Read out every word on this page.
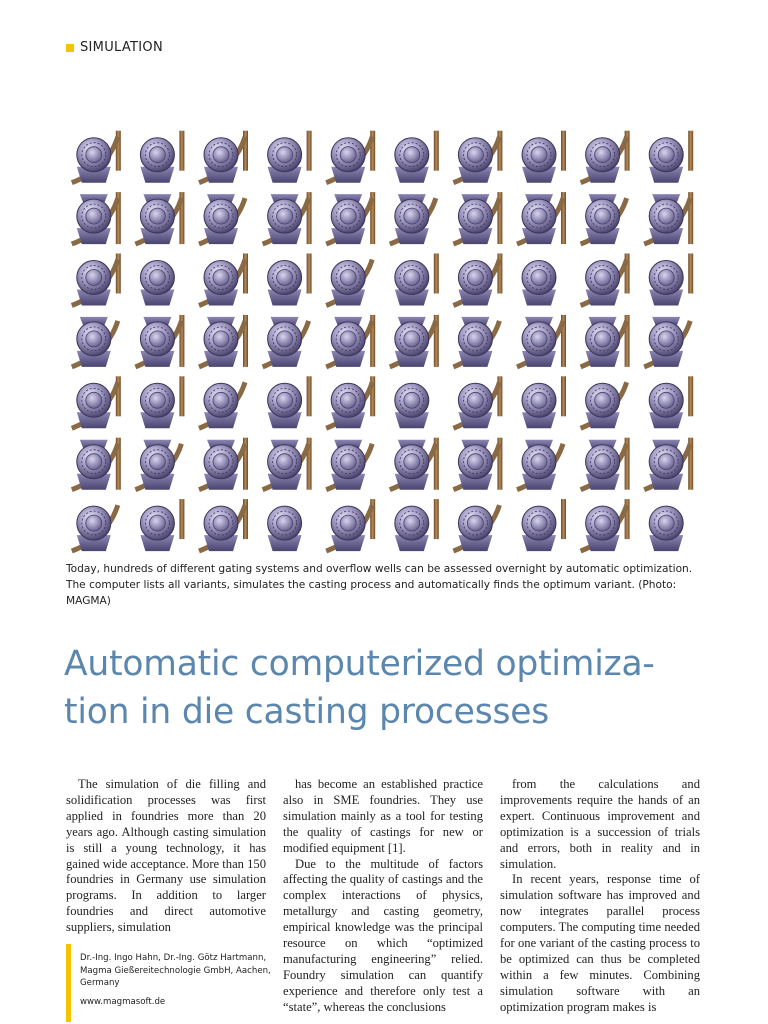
SIMULATION
Today, hundreds of different gating systems and overflow wells can be assessed overnight by automatic optimization. The computer lists all variants, simulates the casting process and automatically finds the optimum variant. (Photo: MAGMA)
Automatic computerized optimiza-
tion in die casting processes

The simulation of die filling and solidification processes was first applied in foundries more than 20 years ago. Although casting simulation is still a young technology, it has gained wide acceptance. More than 150 foundries in Germany use simulation programs. In addition to larger foundries and direct automotive suppliers, simulation

has become an established practice also in SME foundries. They use simulation mainly as a tool for testing the quality of castings for new or modified equipment [1].

Due to the multitude of factors affecting the quality of castings and the complex interactions of physics, metallurgy and casting geometry, empirical knowledge was the principal resource on which “optimized manufacturing engineering” relied. Foundry simulation can quantify experience and therefore only test a “state”, whereas the conclusions

from the calculations and improvements require the hands of an expert. Continuous improvement and optimization is a succession of trials and errors, both in reality and in simulation.

In recent years, response time of simulation software has improved and now integrates parallel process computers. The computing time needed for one variant of the casting process to be optimized can thus be completed within a few minutes. Combining simulation software with an optimization program makes is

Dr.-Ing. Ingo Hahn, Dr.-Ing. Götz Hartmann, Magma Gießereitechnologie GmbH, Aachen, Germany
www.magmasoft.de
